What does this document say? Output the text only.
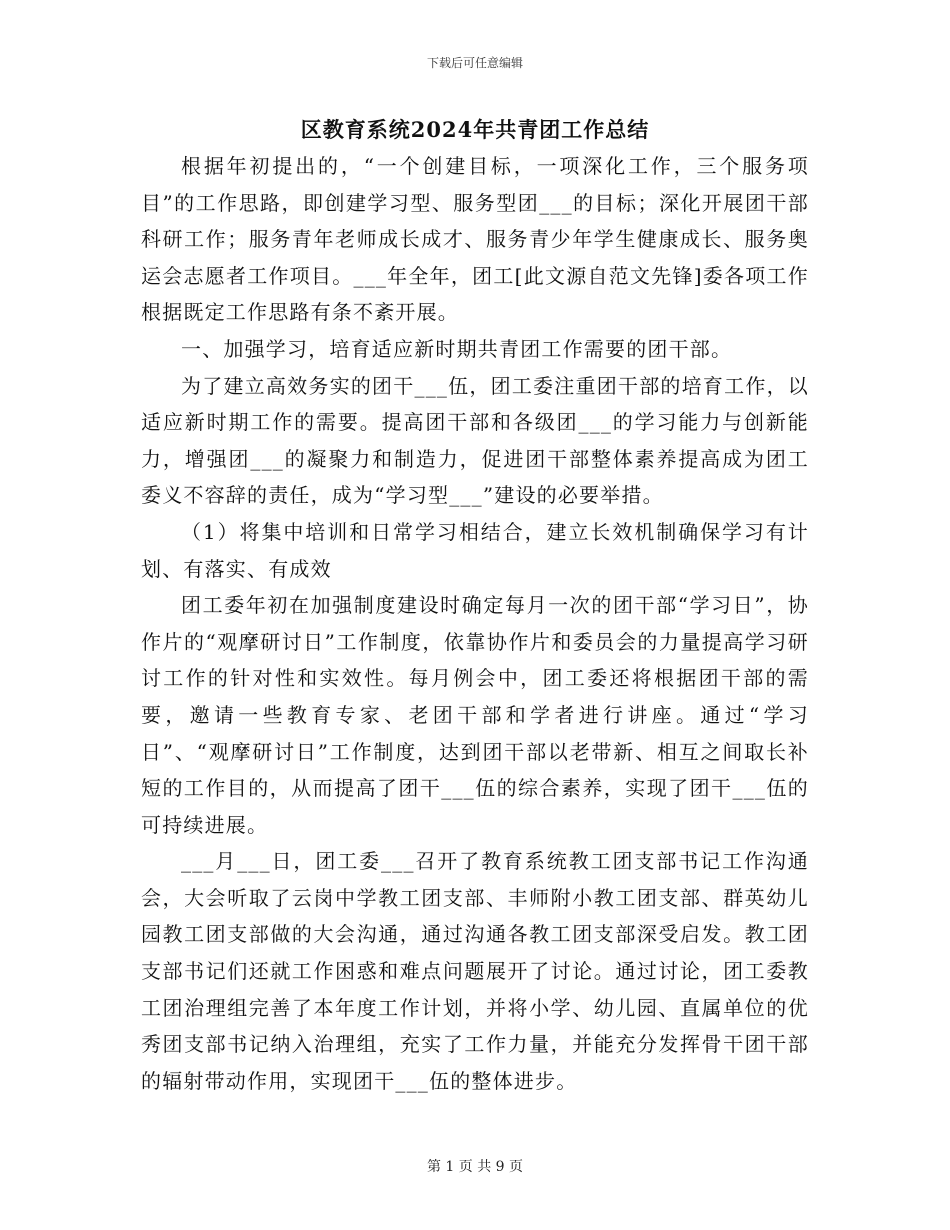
下载后可任意编辑
区教育系统2024年共青团工作总结

根据年初提出的，“一个创建目标，一项深化工作，三个服务项目”的工作思路，即创建学习型、服务型团___的目标；深化开展团干部科研工作；服务青年老师成长成才、服务青少年学生健康成长、服务奥运会志愿者工作项目。___年全年，团工[此文源自范文先锋]委各项工作根据既定工作思路有条不紊开展。

一、加强学习，培育适应新时期共青团工作需要的团干部。

为了建立高效务实的团干___伍，团工委注重团干部的培育工作，以适应新时期工作的需要。提高团干部和各级团___的学习能力与创新能力，增强团___的凝聚力和制造力，促进团干部整体素养提高成为团工委义不容辞的责任，成为“学习型___”建设的必要举措。

（1）将集中培训和日常学习相结合，建立长效机制确保学习有计划、有落实、有成效

团工委年初在加强制度建设时确定每月一次的团干部“学习日”，协作片的“观摩研讨日”工作制度，依靠协作片和委员会的力量提高学习研讨工作的针对性和实效性。每月例会中，团工委还将根据团干部的需要，邀请一些教育专家、老团干部和学者进行讲座。通过“学习日”、“观摩研讨日”工作制度，达到团干部以老带新、相互之间取长补短的工作目的，从而提高了团干___伍的综合素养，实现了团干___伍的可持续进展。

___月___日，团工委___召开了教育系统教工团支部书记工作沟通会，大会听取了云岗中学教工团支部、丰师附小教工团支部、群英幼儿园教工团支部做的大会沟通，通过沟通各教工团支部深受启发。教工团支部书记们还就工作困惑和难点问题展开了讨论。通过讨论，团工委教工团治理组完善了本年度工作计划，并将小学、幼儿园、直属单位的优秀团支部书记纳入治理组，充实了工作力量，并能充分发挥骨干团干部的辐射带动作用，实现团干___伍的整体进步。

第 1 页 共 9 页
